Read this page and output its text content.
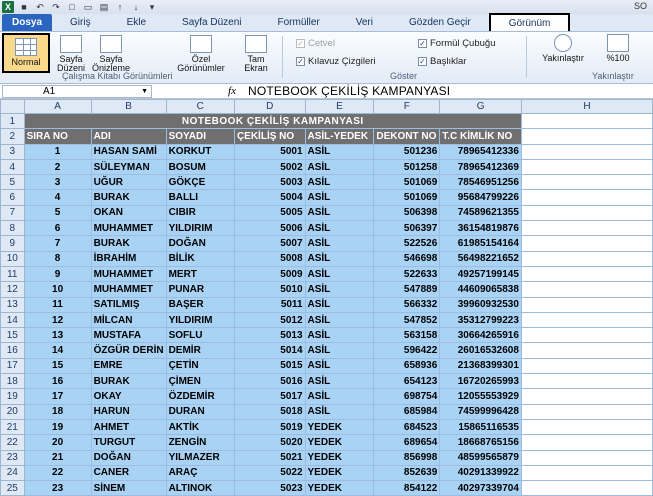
X	■	↶ ↷	□	▭ ▤	↑	↓	▾	SO
Dosya	Giriş	Ekle	Sayfa Düzeni	Formüller	Veri	Gözden Geçir	Görünüm
Normal	Sayfa Düzeni
Sayfa Önizleme
Özel Görünümler
Tam Ekran
Çalışma Kitabı Görünümleri
✓ Cetvel
✓ Kılavuz Çizgileri
✓ Formül Çubuğu
✓ Başlıklar
Göster
Yakınlaştır	%100
Yakınlaştır
A1	▼	fx	NOTEBOOK ÇEKİLİŞ KAMPANYASI
	A	B	C	D	E	F	G	H
1	NOTEBOOK ÇEKİLİŞ KAMPANYASI							
2	SIRA NO	ADI	SOYADI	ÇEKİLİŞ NO	ASİL-YEDEK	DEKONT NO	T.C KİMLİK NO	
3	1	HASAN SAMİ	KORKUT	5001	ASİL	501236	78965412336	
4	2	SÜLEYMAN	BOSUM	5002	ASİL	501258	78965412369	
5	3	UĞUR	GÖKÇE	5003	ASİL	501069	78546951256	
6	4	BURAK	BALLI	5004	ASİL	501069	95684799226	
7	5	OKAN	CIBIR	5005	ASİL	506398	74589621355	
8	6	MUHAMMET	YILDIRIM	5006	ASİL	506397	36154819876	
9	7	BURAK	DOĞAN	5007	ASİL	522526	61985154164	
10	8	İBRAHİM	BİLİK	5008	ASİL	546698	56498221652	
11	9	MUHAMMET	MERT	5009	ASİL	522633	49257199145	
12	10	MUHAMMET	PUNAR	5010	ASİL	547889	44609065838	
13	11	SATILMIŞ	BAŞER	5011	ASİL	566332	39960932530	
14	12	MİLCAN	YILDIRIM	5012	ASİL	547852	35312799223	
15	13	MUSTAFA	SOFLU	5013	ASİL	563158	30664265916	
16	14	ÖZGÜR DERİN	DEMİR	5014	ASİL	596422	26016532608	
17	15	EMRE	ÇETİN	5015	ASİL	658936	21368399301	
18	16	BURAK	ÇİMEN	5016	ASİL	654123	16720265993	
19	17	OKAY	ÖZDEMİR	5017	ASİL	698754	12055553929	
20	18	HARUN	DURAN	5018	ASİL	685984	74599996428	
21	19	AHMET	AKTİK	5019	YEDEK	684523	15865116535	
22	20	TURGUT	ZENGİN	5020	YEDEK	689654	18668765156	
23	21	DOĞAN	YILMAZER	5021	YEDEK	856998	48599565879	
24	22	CANER	ARAÇ	5022	YEDEK	852639	40291339922	
25	23	SİNEM	ALTINOK	5023	YEDEK	854122	40297339704	
